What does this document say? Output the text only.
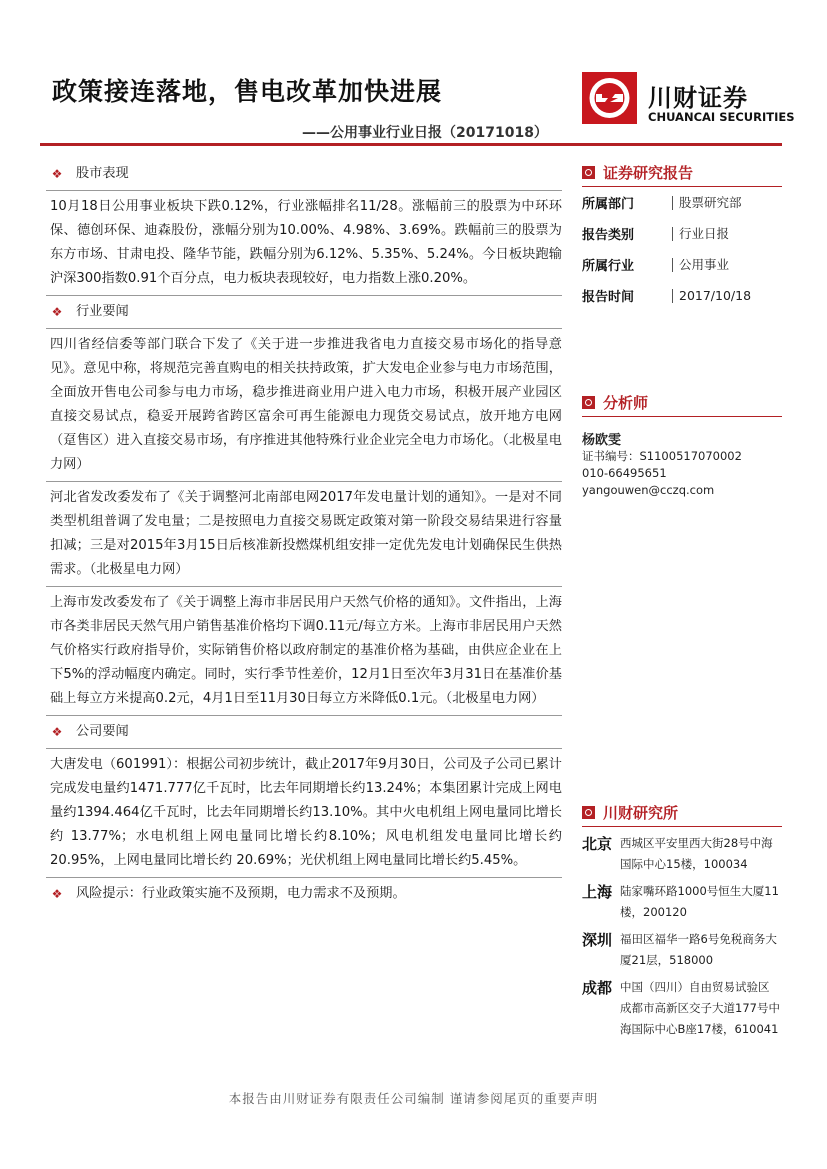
政策接连落地，售电改革加快进展
——公用事业行业日报（20171018）
川财证券
CHUANCAI SECURITIES
❖ 股市表现

10月18日公用事业板块下跌0.12%，行业涨幅排名11/28。涨幅前三的股票为中环环保、德创环保、迪森股份，涨幅分别为10.00%、4.98%、3.69%。跌幅前三的股票为东方市场、甘肃电投、隆华节能，跌幅分别为6.12%、5.35%、5.24%。今日板块跑输沪深300指数0.91个百分点，电力板块表现较好，电力指数上涨0.20%。

❖ 行业要闻

四川省经信委等部门联合下发了《关于进一步推进我省电力直接交易市场化的指导意见》。意见中称，将规范完善直购电的相关扶持政策，扩大发电企业参与电力市场范围，全面放开售电公司参与电力市场，稳步推进商业用户进入电力市场，积极开展产业园区直接交易试点，稳妥开展跨省跨区富余可再生能源电力现货交易试点，放开地方电网（趸售区）进入直接交易市场，有序推进其他特殊行业企业完全电力市场化。（北极星电力网）

河北省发改委发布了《关于调整河北南部电网2017年发电量计划的通知》。一是对不同类型机组普调了发电量；二是按照电力直接交易既定政策对第一阶段交易结果进行容量扣减；三是对2015年3月15日后核准新投燃煤机组安排一定优先发电计划确保民生供热需求。（北极星电力网）

上海市发改委发布了《关于调整上海市非居民用户天然气价格的通知》。文件指出，上海市各类非居民天然气用户销售基准价格均下调0.11元/每立方米。上海市非居民用户天然气价格实行政府指导价，实际销售价格以政府制定的基准价格为基础，由供应企业在上下5%的浮动幅度内确定。同时，实行季节性差价，12月1日至次年3月31日在基准价基础上每立方米提高0.2元，4月1日至11月30日每立方米降低0.1元。（北极星电力网）

❖ 公司要闻

大唐发电（601991）：根据公司初步统计，截止2017年9月30日，公司及子公司已累计完成发电量约1471.777亿千瓦时，比去年同期增长约13.24%；本集团累计完成上网电量约1394.464亿千瓦时，比去年同期增长约13.10%。其中火电机组上网电量同比增长约 13.77%；水电机组上网电量同比增长约8.10%；风电机组发电量同比增长约 20.95%，上网电量同比增长约 20.69%；光伏机组上网电量同比增长约5.45%。

❖ 风险提示：行业政策实施不及预期，电力需求不及预期。
证券研究报告
所属部门	股票研究部
报告类别	行业日报
所属行业	公用事业
报告时间	2017/10/18
分析师
杨欧雯
证书编号：S1100517070002
010-66495651
yangouwen@cczq.com
川财研究所
北京 西城区平安里西大街28号中海国际中心15楼，100034
上海 陆家嘴环路1000号恒生大厦11楼，200120
深圳 福田区福华一路6号免税商务大厦21层，518000
成都 中国（四川）自由贸易试验区成都市高新区交子大道177号中海国际中心B座17楼，610041
本报告由川财证券有限责任公司编制 谨请参阅尾页的重要声明
